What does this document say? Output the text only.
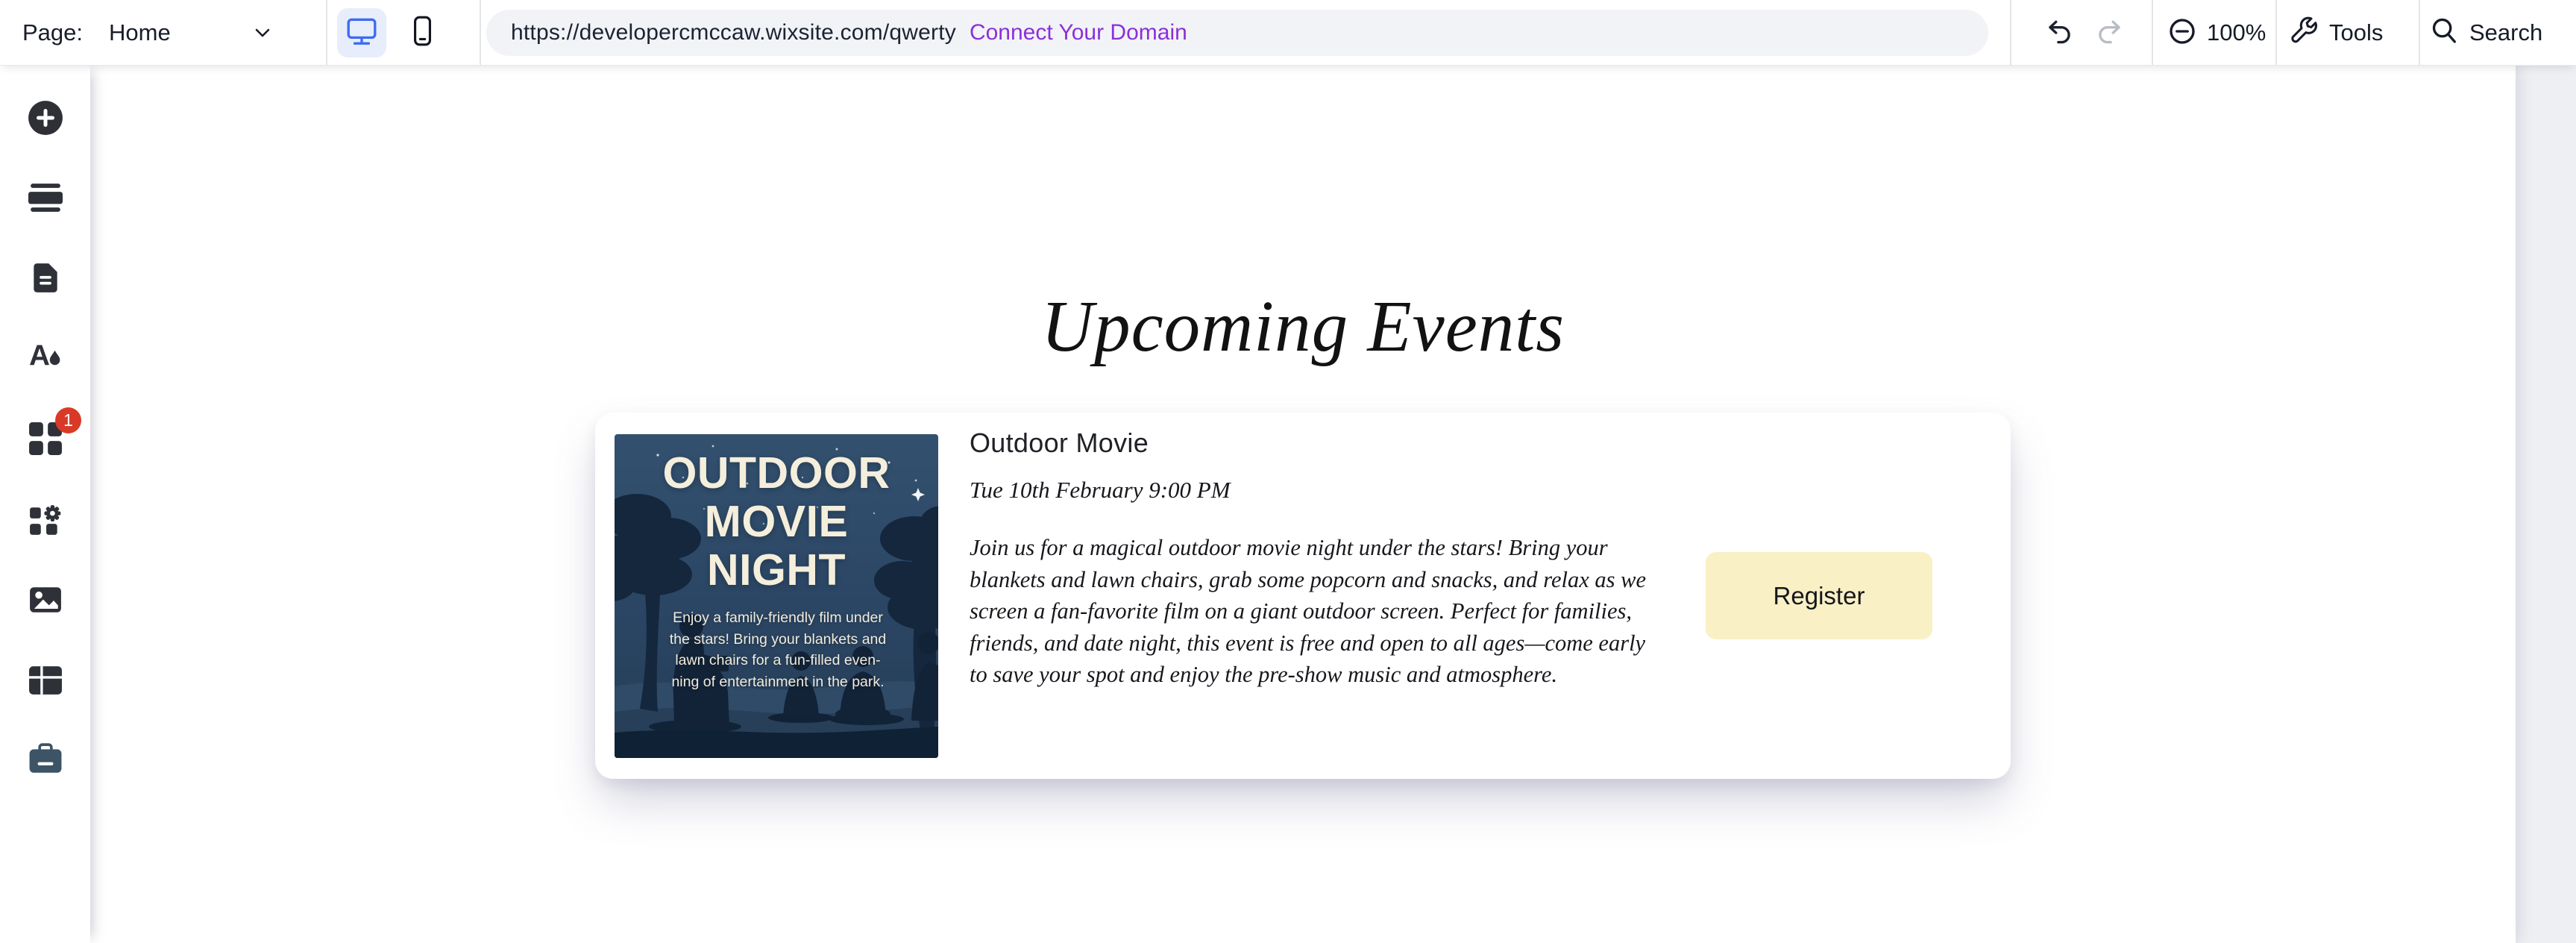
Page: Home	https://developercmccaw.wixsite.com/qwerty Connect Your Domain	100%	Tools	Search
Upcoming Events
OUTDOOR
MOVIE
NIGHT
Enjoy a family-friendly film under
the stars! Bring your blankets and
lawn chairs for a fun-filled even-
ning of entertainment in the park.
Outdoor Movie
Tue 10th February 9:00 PM
Join us for a magical outdoor movie night under the stars! Bring your blankets and lawn chairs, grab some popcorn and snacks, and relax as we screen a fan-favorite film on a giant outdoor screen. Perfect for families, friends, and date night, this event is free and open to all ages—come early to save your spot and enjoy the pre-show music and atmosphere.
Register
A
1
